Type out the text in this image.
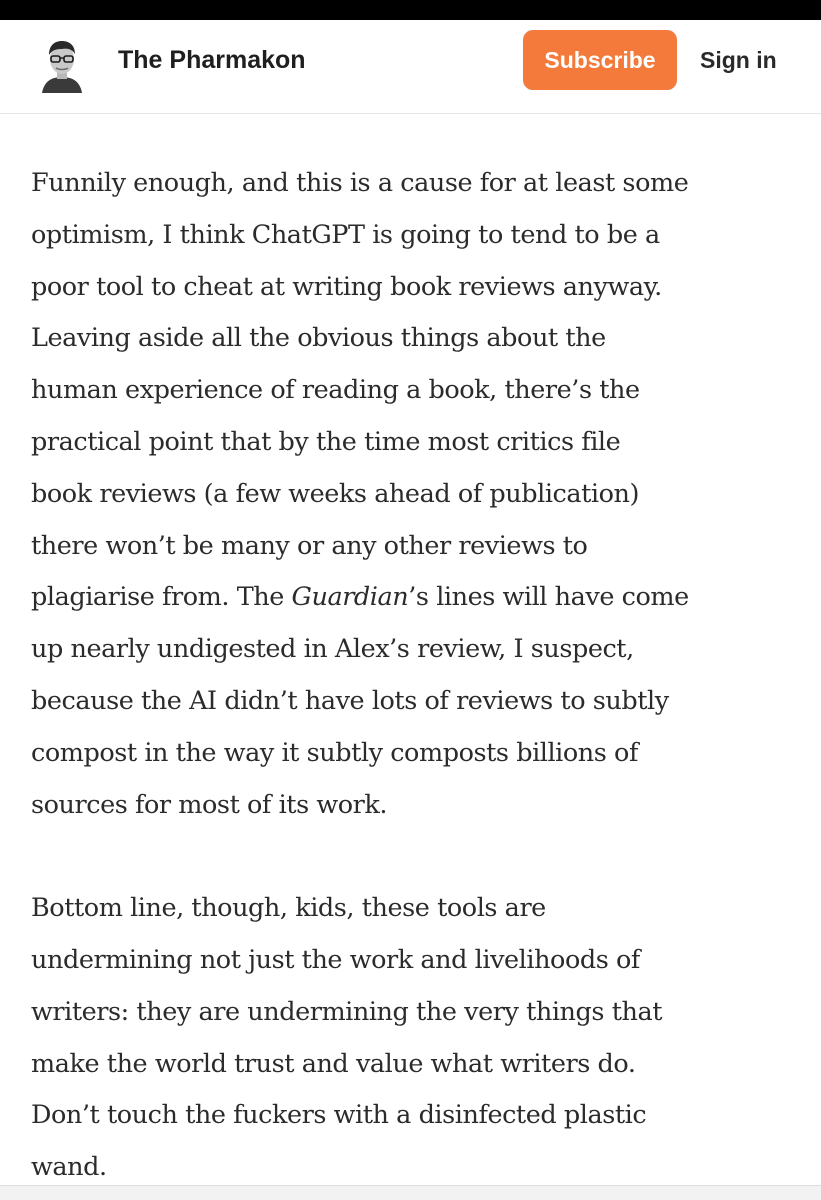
The Pharmakon	Subscribe	Sign in
Funnily enough, and this is a cause for at least some
optimism, I think ChatGPT is going to tend to be a
poor tool to cheat at writing book reviews anyway.
Leaving aside all the obvious things about the
human experience of reading a book, there’s the
practical point that by the time most critics file
book reviews (a few weeks ahead of publication)
there won’t be many or any other reviews to
plagiarise from. The Guardian’s lines will have come
up nearly undigested in Alex’s review, I suspect,
because the AI didn’t have lots of reviews to subtly
compost in the way it subtly composts billions of
sources for most of its work.
Bottom line, though, kids, these tools are
undermining not just the work and livelihoods of
writers: they are undermining the very things that
make the world trust and value what writers do.
Don’t touch the fuckers with a disinfected plastic
wand.
